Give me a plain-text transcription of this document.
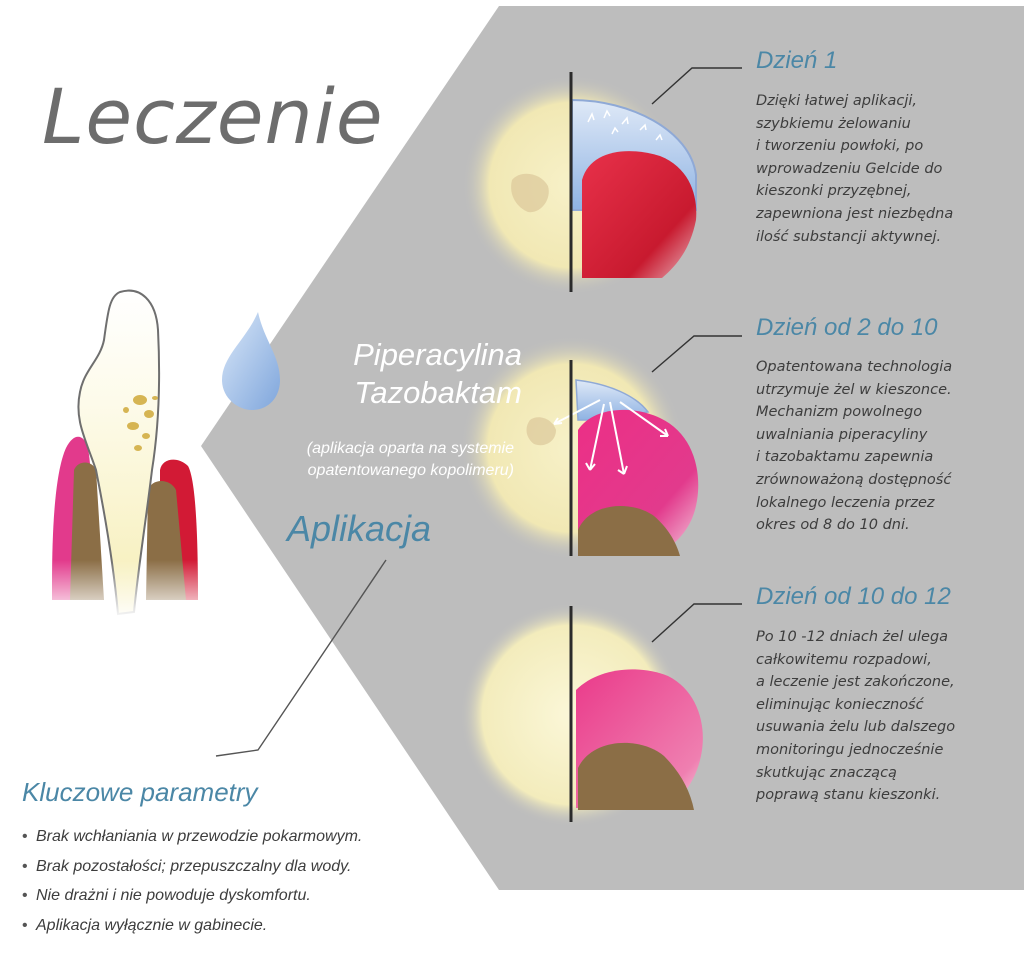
Leczenie
Piperacylina
Tazobaktam
(aplikacja oparta na systemie
opatentowanego kopolimeru)
Aplikacja
Dzień 1
Dzięki łatwej aplikacji,
szybkiemu żelowaniu
i tworzeniu powłoki, po
wprowadzeniu Gelcide do
kieszonki przyzębnej,
zapewniona jest niezbędna
ilość substancji aktywnej.
Dzień od 2 do 10
Opatentowana technologia
utrzymuje żel w kieszonce.
Mechanizm powolnego
uwalniania piperacyliny
i tazobaktamu zapewnia
zrównoważoną dostępność
lokalnego leczenia przez
okres od 8 do 10 dni.
Dzień od 10 do 12
Po 10 -12 dniach żel ulega
całkowitemu rozpadowi,
a leczenie jest zakończone,
eliminując konieczność
usuwania żelu lub dalszego
monitoringu jednocześnie
skutkując znaczącą
poprawą stanu kieszonki.
Kluczowe parametry
• Brak wchłaniania w przewodzie pokarmowym.
• Brak pozostałości; przepuszczalny dla wody.
• Nie drażni i nie powoduje dyskomfortu.
• Aplikacja wyłącznie w gabinecie.
